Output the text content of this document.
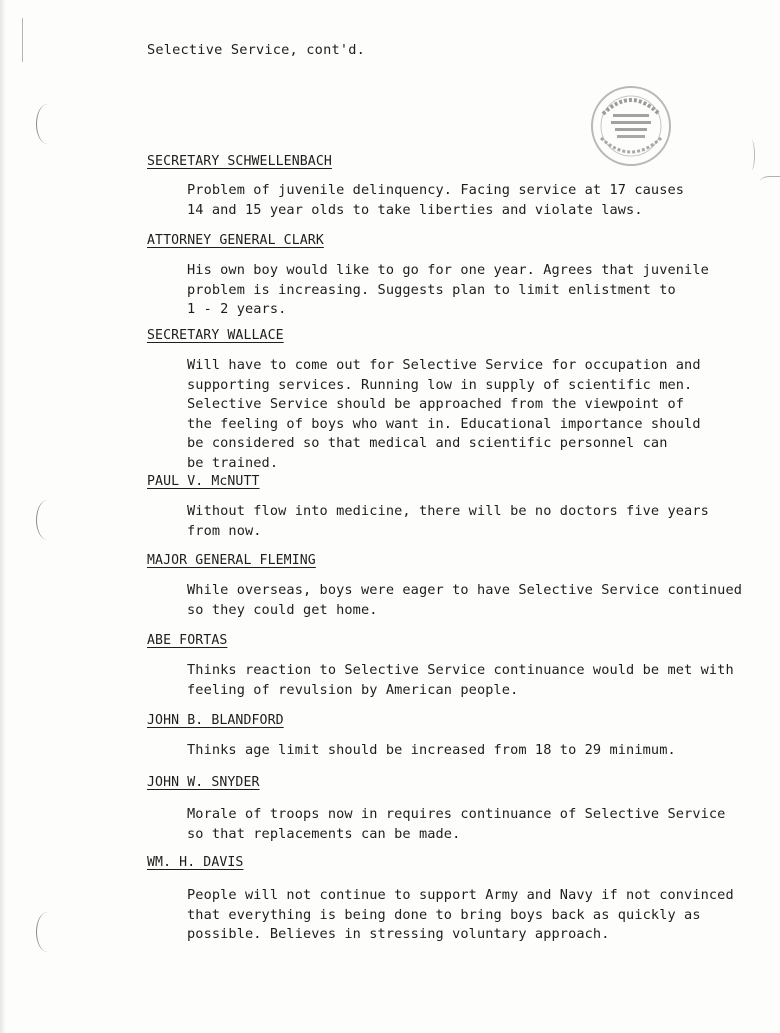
Selective Service, cont'd.
SECRETARY SCHWELLENBACH
Problem of juvenile delinquency. Facing service at 17 causes
14 and 15 year olds to take liberties and violate laws.
ATTORNEY GENERAL CLARK
His own boy would like to go for one year. Agrees that juvenile
problem is increasing. Suggests plan to limit enlistment to
1 - 2 years.
SECRETARY WALLACE
Will have to come out for Selective Service for occupation and
supporting services. Running low in supply of scientific men.
Selective Service should be approached from the viewpoint of
the feeling of boys who want in. Educational importance should
be considered so that medical and scientific personnel can
be trained.
PAUL V. McNUTT
Without flow into medicine, there will be no doctors five years
from now.
MAJOR GENERAL FLEMING
While overseas, boys were eager to have Selective Service continued
so they could get home.
ABE FORTAS
Thinks reaction to Selective Service continuance would be met with
feeling of revulsion by American people.
JOHN B. BLANDFORD
Thinks age limit should be increased from 18 to 29 minimum.
JOHN W. SNYDER
Morale of troops now in requires continuance of Selective Service
so that replacements can be made.
WM. H. DAVIS
People will not continue to support Army and Navy if not convinced
that everything is being done to bring boys back as quickly as
possible. Believes in stressing voluntary approach.
